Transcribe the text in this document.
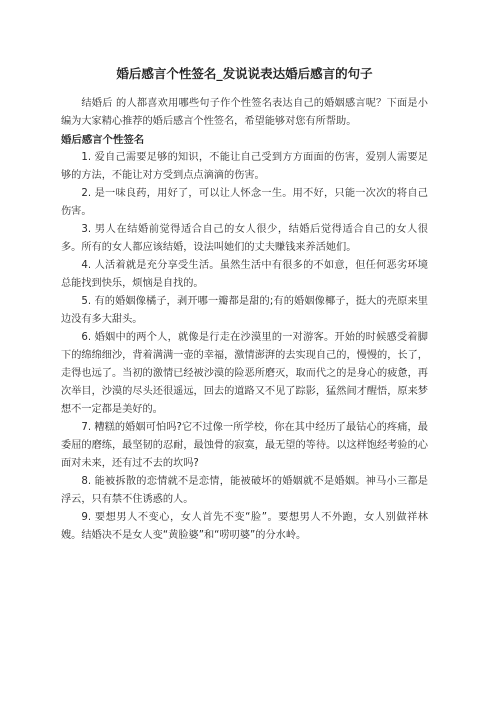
婚后感言个性签名_发说说表达婚后感言的句子

结婚后 的人都喜欢用哪些句子作个性签名表达自己的婚姻感言呢？下面是小编为大家精心推荐的婚后感言个性签名，希望能够对您有所帮助。

婚后感言个性签名

1. 爱自己需要足够的知识，不能让自己受到方方面面的伤害，爱别人需要足够的方法，不能让对方受到点点滴滴的伤害。

2. 是一味良药，用好了，可以让人怀念一生。用不好，只能一次次的将自己伤害。

3. 男人在结婚前觉得适合自己的女人很少，结婚后觉得适合自己的女人很多。所有的女人都应该结婚，设法叫她们的丈夫赚钱来养活她们。

4. 人活着就是充分享受生活。虽然生活中有很多的不如意，但任何恶劣环境总能找到快乐，烦恼是自找的。

5. 有的婚姻像橘子，剥开哪一瓣都是甜的;有的婚姻像椰子，挺大的壳原来里边没有多大甜头。

6. 婚姻中的两个人，就像是行走在沙漠里的一对游客。开始的时候感受着脚下的绵绵细沙，背着满满一壶的幸福，激情澎湃的去实现自己的，慢慢的，长了，走得也远了。当初的激情已经被沙漠的险恶所磨灭，取而代之的是身心的疲惫，再次举目，沙漠的尽头还很遥远，回去的道路又不见了踪影，猛然间才醒悟，原来梦想不一定都是美好的。

7. 糟糕的婚姻可怕吗?它不过像一所学校，你在其中经历了最钻心的疼痛，最委屈的磨练，最坚韧的忍耐，最蚀骨的寂寞，最无望的等待。以这样饱经考验的心面对未来，还有过不去的坎吗?

8. 能被拆散的恋情就不是恋情，能被破坏的婚姻就不是婚姻。神马小三都是浮云，只有禁不住诱惑的人。

9. 要想男人不变心，女人首先不变“脸”。要想男人不外跑，女人别做祥林嫂。结婚决不是女人变“黄脸婆”和“唠叨婆”的分水岭。
